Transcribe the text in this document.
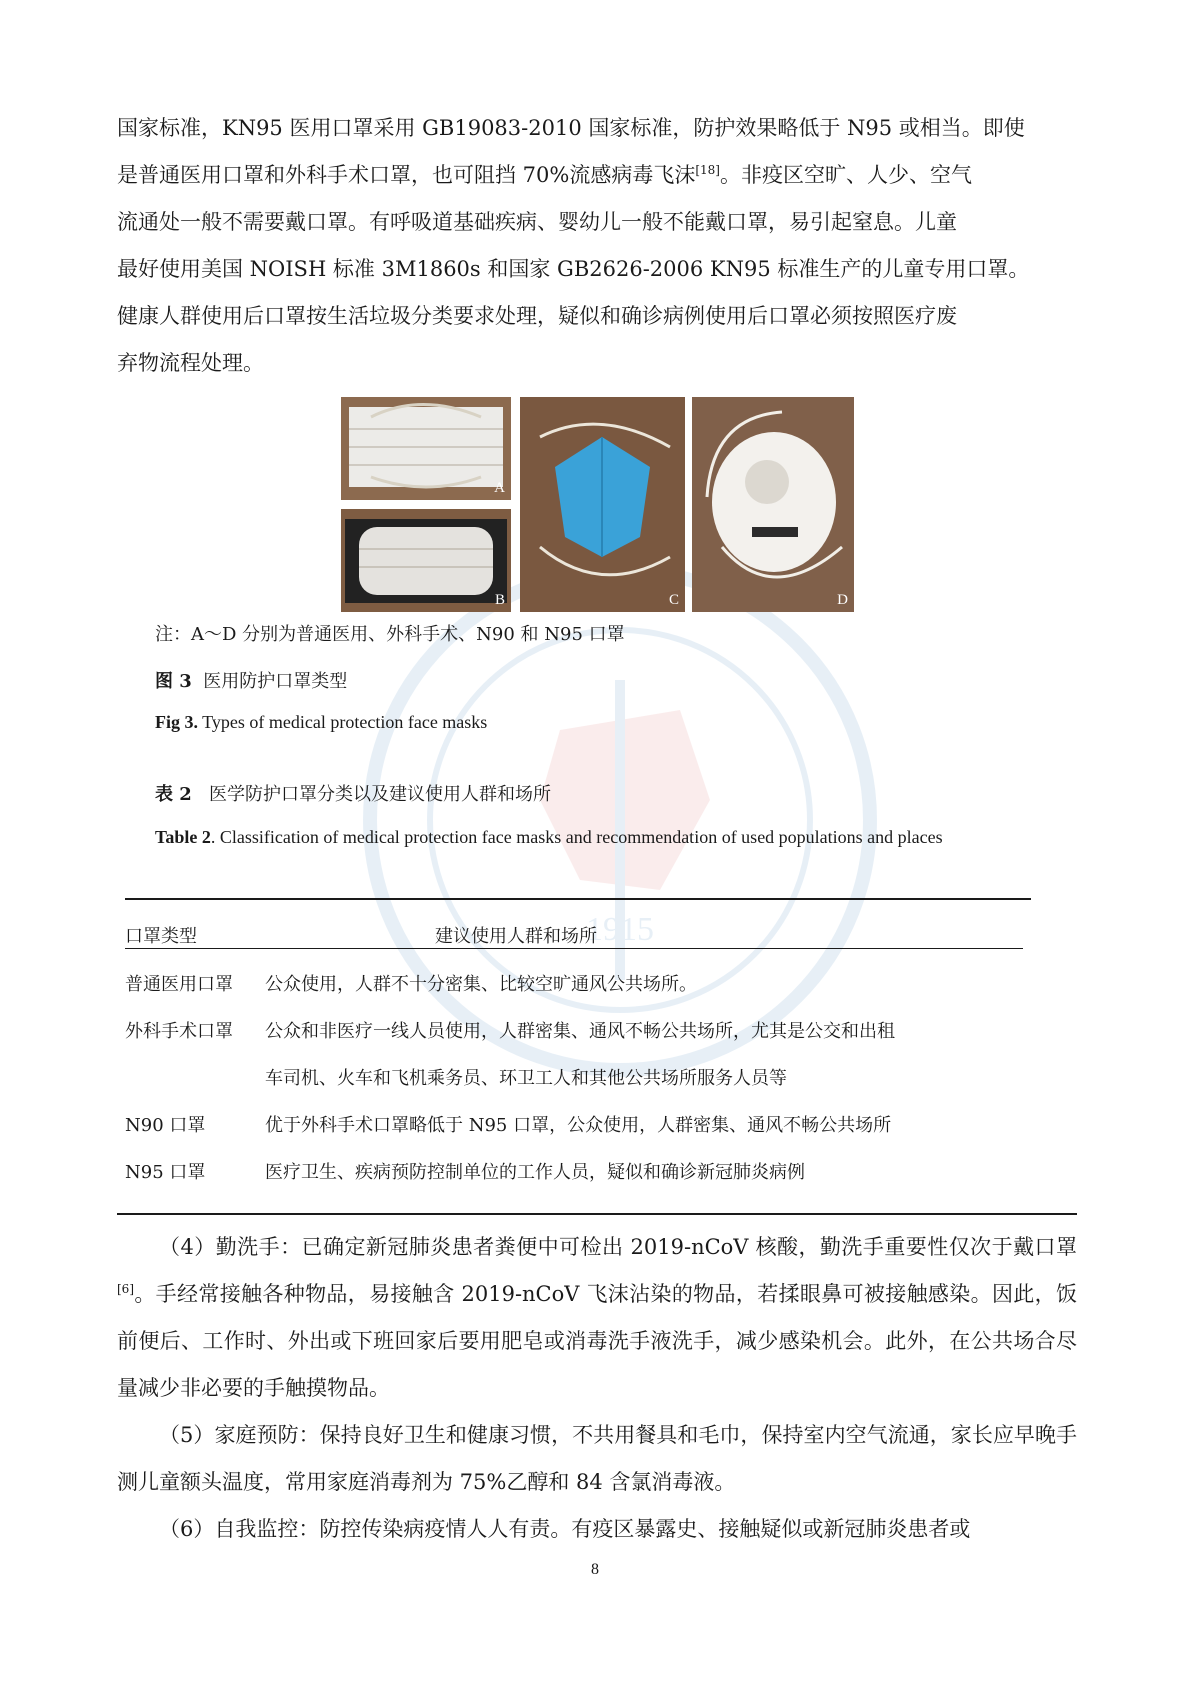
1915

国家标准，KN95 医用口罩采用 GB19083-2010 国家标准，防护效果略低于 N95 或相当。即使

是普通医用口罩和外科手术口罩，也可阻挡 70%流感病毒飞沫[18]。非疫区空旷、人少、空气

流通处一般不需要戴口罩。有呼吸道基础疾病、婴幼儿一般不能戴口罩，易引起窒息。儿童

最好使用美国 NOISH 标准 3M1860s 和国家 GB2626-2006 KN95 标准生产的儿童专用口罩。

健康人群使用后口罩按生活垃圾分类要求处理，疑似和确诊病例使用后口罩必须按照医疗废

弃物流程处理。

A
B	C	D
注：A～D 分别为普通医用、外科手术、N90 和 N95 口罩
图 3 医用防护口罩类型
Fig 3. Types of medical protection face masks
表 2 医学防护口罩分类以及建议使用人群和场所
Table 2. Classification of medical protection face masks and recommendation of used populations and places
口罩类型	建议使用人群和场所
普通医用口罩 公众使用，人群不十分密集、比较空旷通风公共场所。
外科手术口罩 公众和非医疗一线人员使用，人群密集、通风不畅公共场所，尤其是公交和出租
车司机、火车和飞机乘务员、环卫工人和其他公共场所服务人员等
N90 口罩	优于外科手术口罩略低于 N95 口罩，公众使用，人群密集、通风不畅公共场所
N95 口罩	医疗卫生、疾病预防控制单位的工作人员，疑似和确诊新冠肺炎病例

（4）勤洗手：已确定新冠肺炎患者粪便中可检出 2019-nCoV 核酸，勤洗手重要性仅次于戴口罩[6]。手经常接触各种物品，易接触含 2019-nCoV 飞沫沾染的物品，若揉眼鼻可被接触感染。因此，饭前便后、工作时、外出或下班回家后要用肥皂或消毒洗手液洗手，减少感染机会。此外，在公共场合尽量减少非必要的手触摸物品。

（5）家庭预防：保持良好卫生和健康习惯，不共用餐具和毛巾，保持室内空气流通，家长应早晚手测儿童额头温度，常用家庭消毒剂为 75%乙醇和 84 含氯消毒液。

（6）自我监控：防控传染病疫情人人有责。有疫区暴露史、接触疑似或新冠肺炎患者或

8
